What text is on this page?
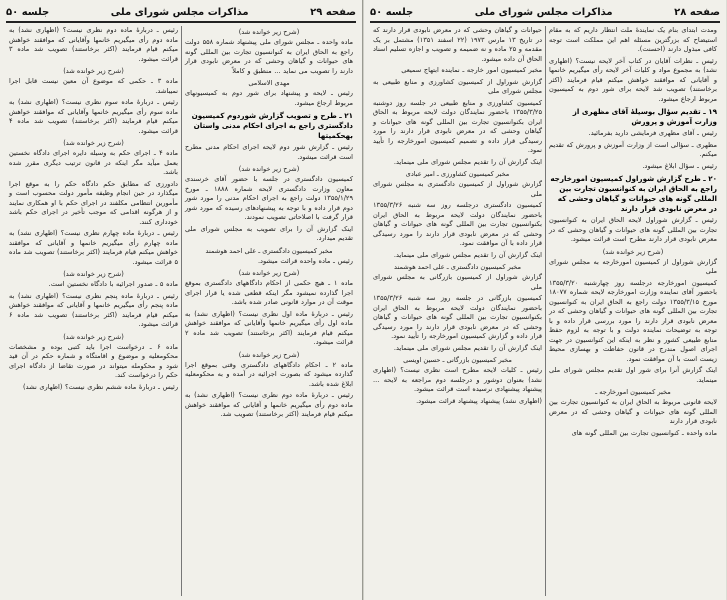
صفحه ۲۹
مذاکرات مجلس شورای ملی
جلسه ۵۰
(شرح زیر خوانده شد)
ماده واحده ـ مجلس شورای ملی پیشنهاد شماره ۵۵۸ دولت راجع به الحاق ایران به کنوانسیون تجارت بین المللی گونه های حیوانات و گیاهان وحشی که در معرض نابودی قرار دارند را تصویب می نماید ... منطبق و کاملاً
مهدی الاسلامی
رئیس ـ لایحه و پیشنهاد برای شور دوم به کمیسیونهای مربوط ارجاع میشود.
۲۱ ـ طرح و تصویب گزارش شوردوم کمیسیون دادگستری راجع به اجرای احکام مدنی واستان بهحکمیتها
رئیس ـ گزارش شور دوم لایحه اجرای احکام مدنی مطرح است قرائت میشود.
(شرح زیر خوانده شد)
کمیسیون دادگستری در جلسه با حضور آقای خرسندی معاون وزارت دادگستری لایحه شماره ۱۸۸۸ ـ مورخ ۱۳۵۵/۱/۲۹ دولت راجع به اجرای احکام مدنی را مورد شور دوم قرار داده و با توجه به پیشنهادهای رسیده که مورد شور قرار گرفت با اصلاحاتی تصویب نمودند.
اینک گزارش آن را برای تصویب به مجلس شورای ملی تقدیم میدارد.
مخبر کمیسیون دادگستری ـ علی احمد هوشمند
رئیس ـ ماده واحده قرائت میشود.
(شرح زیر خوانده شد)
ماده ۱ ـ هیچ حکمی از احکام دادگاههای دادگستری بموقع اجرا گذارده نمیشود مگر اینکه قطعی شده یا قرار اجرای موقت آن در موارد قانونی صادر شده باشد.
رئیس ـ دربارهٔ ماده اول نظری نیست؟ (اظهاری نشد) به ماده اول رأی میگیریم خانمها وآقایانی که موافقند خواهش میکنم قیام فرمایند (اکثر برخاستند) تصویب شد ماده ۲ قرائت میشود.
(شرح زیر خوانده شد)
ماده ۲ ـ احکام دادگاههای دادگستری وقتی بموقع اجرا گذارده میشود که بصورت اجرائیه در آمده و به محکومعلیه ابلاغ شده باشد.
رئیس ـ دربارهٔ ماده دوم نظری نیست؟ (اظهاری نشد) به ماده دوم رأی میگیریم خانمها و آقایانی که موافقند خواهش میکنم قیام فرمایند (اکثر برخاستند) تصویب شد.
رئیس ـ دربارهٔ ماده دوم نظری نیست؟ (اظهاری نشد) به ماده دوم رأی میگیریم خانمها وآقایانی که موافقند خواهش میکنم قیام فرمایند (اکثر برخاستند) تصویب شد ماده ۳ قرائت میشود.
(شرح زیر خوانده شد)
ماده ۳ ـ حکمی که موضوع آن معین نیست قابل اجرا نمیباشد.
رئیس ـ دربارهٔ ماده سوم نظری نیست؟ (اظهاری نشد) به ماده سوم رأی میگیریم خانمها وآقایانی که موافقند خواهش میکنم قیام فرمایند (اکثر برخاستند) تصویب شد ماده ۴ قرائت میشود.
(شرح زیر خوانده شد)
ماده ۴ ـ اجرای حکم به وسیله دایره اجرای دادگاه نخستین بعمل میآید مگر اینکه در قانون ترتیب دیگری مقرر شده باشد.
دادورزی که مطابق حکم دادگاه حکم را به موقع اجرا میگذارد در حین انجام وظیفه مأمور دولت محسوب است و مأمورین انتظامی مکلفند در اجرای حکم با او همکاری نمایند و از هرگونه اقدامی که موجب تأخیر در اجرای حکم باشد خودداری کنند.
رئیس ـ دربارهٔ ماده چهارم نظری نیست؟ (اظهاری نشد) به ماده چهارم رأی میگیریم خانمها و آقایانی که موافقند خواهش میکنم قیام فرمایند (اکثر برخاستند) تصویب شد ماده ۵ قرائت میشود.
(شرح زیر خوانده شد)
ماده ۵ ـ صدور اجرائیه با دادگاه نخستین است.
رئیس ـ دربارهٔ ماده پنجم نظری نیست؟ (اظهاری نشد) به ماده پنجم رأی میگیریم خانمها و آقایانی که موافقند خواهش میکنم قیام فرمایند (اکثر برخاستند) تصویب شد ماده ۶ قرائت میشود.
(شرح زیر خوانده شد)
ماده ۶ ـ درخواست اجرا باید کتبی بوده و مشخصات محکومعلیه و موضوع و اقامتگاه و شماره حکم در آن قید شود و محکومله میتواند در صورت تقاضا از دادگاه اجرای حکم را درخواست کند.
رئیس ـ دربارهٔ ماده ششم نظری نیست؟ (اظهاری نشد)
صفحه ۲۸
مذاکرات مجلس شورای ملی
جلسه ۵۰
ومدت ابتدای بنام یک نمایندهٔ ملت انتظار داریم که به مقام استیضاح که بزرگترین مسئله اهم این مملکت است توجه کافی مبذول دارند (احسنت).
رئیس ـ نظرات آقایان در کتاب آخر لایحه نیست؟ (اظهاری نشد) به مجموع مواد و کلیات آخر لایحه رأی میگیریم خانمها و آقایانی که موافقند خواهش میکنم قیام فرمایند (اکثر برخاستند) تصویب شد لایحه برای شور دوم به کمیسیون مربوط ارجاع میشود.
۱۹ ـ تقدیم سؤال بوسیلهٔ آقای مظهری از وزارت آموزش و پرورش
رئیس ـ آقای مظهری فرمایشی دارید بفرمائید.
مظهری ـ سؤالی است از وزارت آموزش و پرورش که تقدیم میکنم.
رئیس ـ سؤال ابلاغ میشود.
۲۰ ـ طرح گزارش شوراول کمیسیون امورخارجه راجع به الحاق ایران به کنوانسیون تجارت بین المللی گونه های حیوانات و گیاهان وحشی که در معرض نابودی قرار دارند
رئیس ـ گزارش شوراول لایحه الحاق ایران به کنوانسیون تجارت بین المللی گونه های حیوانات و گیاهان وحشی که در معرض نابودی قرار دارند مطرح است قرائت میشود.
(شرح زیر خوانده شد)
گزارش شوراول از کمیسیون امورخارجه به مجلس شورای ملی
کمیسیون امورخارجه درجلسه روز چهارشنبه ۱۳۵۵/۳/۲۰ باحضور آقای نماینده وزارت امورخارجه لایحه شماره ۱۸۰۷۷ مورخ ۱۳۵۵/۳/۱۵ دولت راجع به الحاق ایران به کنوانسیون تجارت بین المللی گونه های حیوانات و گیاهان وحشی که در معرض نابودی قرار دارند را مورد بررسی قرار داده و با توجه به توضیحات نماینده دولت و با توجه به لزوم حفظ منابع طبیعی کشور و نظر به اینکه این کنوانسیون در جهت اجرای اصول مندرج در قانون حفاظت و بهسازی محیط زیست است با آن موافقت نمود.
اینک گزارش آنرا برای شور اول تقدیم مجلس شورای ملی مینماید.
مخبر کمیسیون امورخارجه ـ
لایحه قانونی مربوط به الحاق ایران به کنوانسیون تجارت بین المللی گونه های حیوانات و گیاهان وحشی که در معرض نابودی قرار دارند
ماده واحده ـ کنوانسیون تجارت بین المللی گونه های
حیوانات و گیاهان وحشی که در معرض نابودی قرار دارند که در تاریخ ۱۳ مارس ۱۹۷۳ (۲۲ اسفند ۱۳۵۱) مشتمل بر یک مقدمه و ۲۵ ماده و نه ضمیمه و تصویب و اجازه تسلیم اسناد الحاق آن داده میشود.
مخبر کمیسیون امور خارجه ـ نماینده ابتهاج سمیعی
گزارش شوراول از کمیسیون کشاورزی و منابع طبیعی به مجلس شورای ملی
کمیسیون کشاورزی و منابع طبیعی در جلسه روز دوشنبه ۱۳۵۵/۳/۲۵ باحضور نمایندگان دولت لایحه مربوط به الحاق ایران بکنوانسیون تجارت بین المللی گونه های حیوانات و گیاهان وحشی که در معرض نابودی قرار دارند را مورد رسیدگی قرار داده و تصمیم کمیسیون امورخارجه را تأیید نمود.
اینک گزارش آن را تقدیم مجلس شورای ملی مینماید.
مخبر کمیسیون کشاورزی ـ امیر عبادی
گزارش شوراول از کمیسیون دادگستری به مجلس شورای ملی
کمیسیون دادگستری درجلسه روز سه شنبه ۱۳۵۵/۳/۲۶ باحضور نمایندگان دولت لایحه مربوط به الحاق ایران بکنوانسیون تجارت بین المللی گونه های حیوانات و گیاهان وحشی که در معرض نابودی قرار دارند را مورد رسیدگی قرار داده با آن موافقت نمود.
اینک گزارش آن را تقدیم مجلس شورای ملی مینماید.
مخبر کمیسیون دادگستری ـ علی احمد هوشمند
گزارش شوراول از کمیسیون بازرگانی به مجلس شورای ملی
کمیسیون بازرگانی در جلسه روز سه شنبه ۱۳۵۵/۳/۲۶ باحضور نمایندگان دولت لایحه مربوط به الحاق ایران بکنوانسیون تجارت بین المللی گونه های حیوانات و گیاهان وحشی که در معرض نابودی قرار دارند را مورد رسیدگی قرار داده و گزارش کمیسیون امورخارجه را تأیید نمود.
اینک گزارش آن را تقدیم مجلس شورای ملی مینماید.
مخبر کمیسیون بازرگانی ـ حسین اویسی
رئیس ـ کلیات لایحه مطرح است نظری نیست؟ (اظهاری نشد) بعنوان دوشور و درجلسه دوم مراجعه به لایحه ... پیشنهاد پیشنهادی نرسیده است قرائت میشود.
(اظهاری نشد) پیشنهاد پیشنهاد قرائت میشود.
